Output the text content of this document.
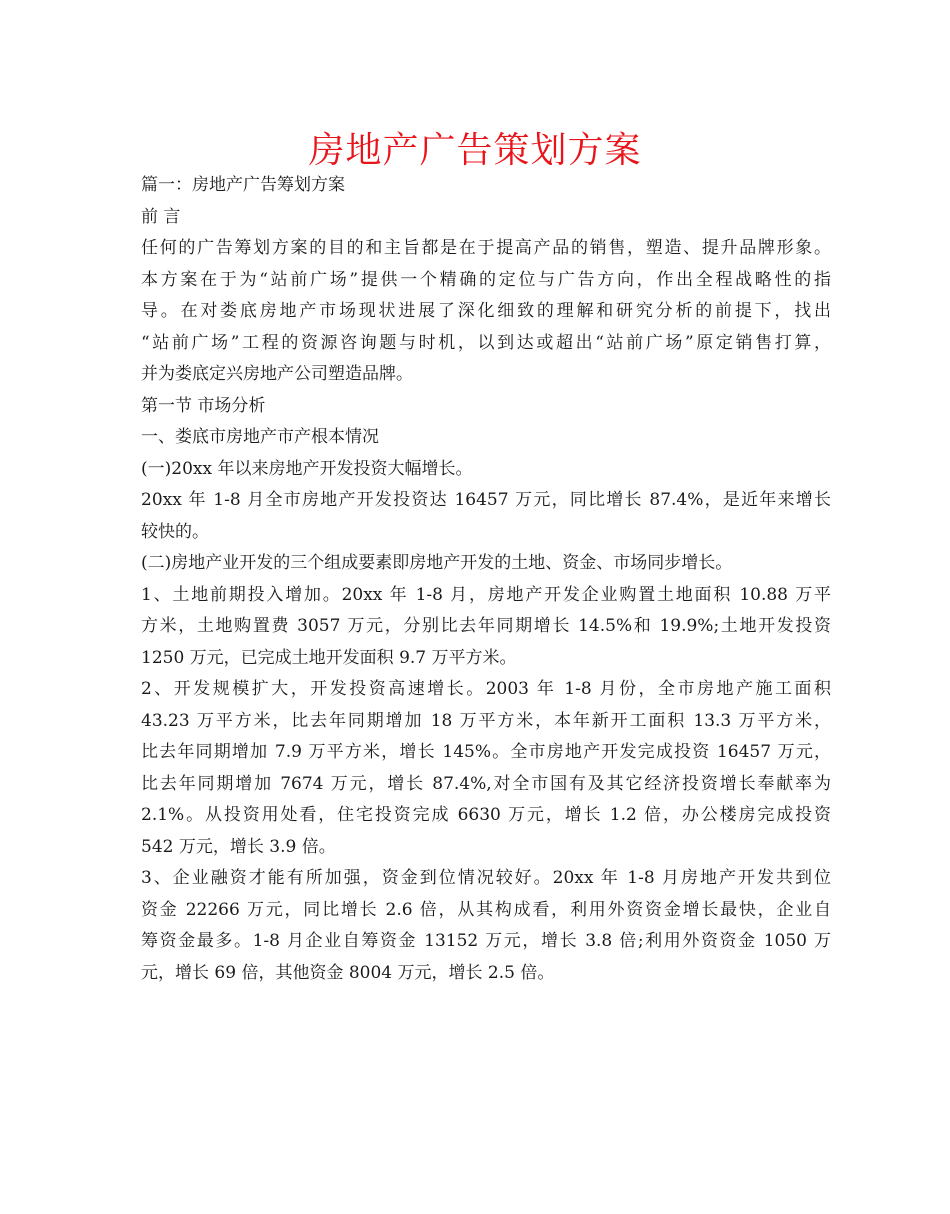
房地产广告策划方案
篇一：房地产广告筹划方案
前 言
任何的广告筹划方案的目的和主旨都是在于提高产品的销售，塑造、提升品牌形象。
本方案在于为“站前广场”提供一个精确的定位与广告方向，作出全程战略性的指
导。在对娄底房地产市场现状进展了深化细致的理解和研究分析的前提下，找出
“站前广场”工程的资源咨询题与时机，以到达或超出“站前广场”原定销售打算，
并为娄底定兴房地产公司塑造品牌。
第一节 市场分析
一、娄底市房地产市产根本情况
(一)20xx 年以来房地产开发投资大幅增长。
20xx 年 1-8 月全市房地产开发投资达 16457 万元，同比增长 87.4%，是近年来增长
较快的。
(二)房地产业开发的三个组成要素即房地产开发的土地、资金、市场同步增长。
1、土地前期投入增加。20xx 年 1-8 月，房地产开发企业购置土地面积 10.88 万平
方米，土地购置费 3057 万元，分别比去年同期增长 14.5%和 19.9%;土地开发投资
1250 万元，已完成土地开发面积 9.7 万平方米。
2、开发规模扩大，开发投资高速增长。2003 年 1-8 月份，全市房地产施工面积
43.23 万平方米，比去年同期增加 18 万平方米，本年新开工面积 13.3 万平方米，
比去年同期增加 7.9 万平方米，增长 145%。全市房地产开发完成投资 16457 万元，
比去年同期增加 7674 万元，增长 87.4%,对全市国有及其它经济投资增长奉献率为
2.1%。从投资用处看，住宅投资完成 6630 万元，增长 1.2 倍，办公楼房完成投资
542 万元，增长 3.9 倍。
3、企业融资才能有所加强，资金到位情况较好。20xx 年 1-8 月房地产开发共到位
资金 22266 万元，同比增长 2.6 倍，从其构成看，利用外资资金增长最快，企业自
筹资金最多。1-8 月企业自筹资金 13152 万元，增长 3.8 倍;利用外资资金 1050 万
元，增长 69 倍，其他资金 8004 万元，增长 2.5 倍。
